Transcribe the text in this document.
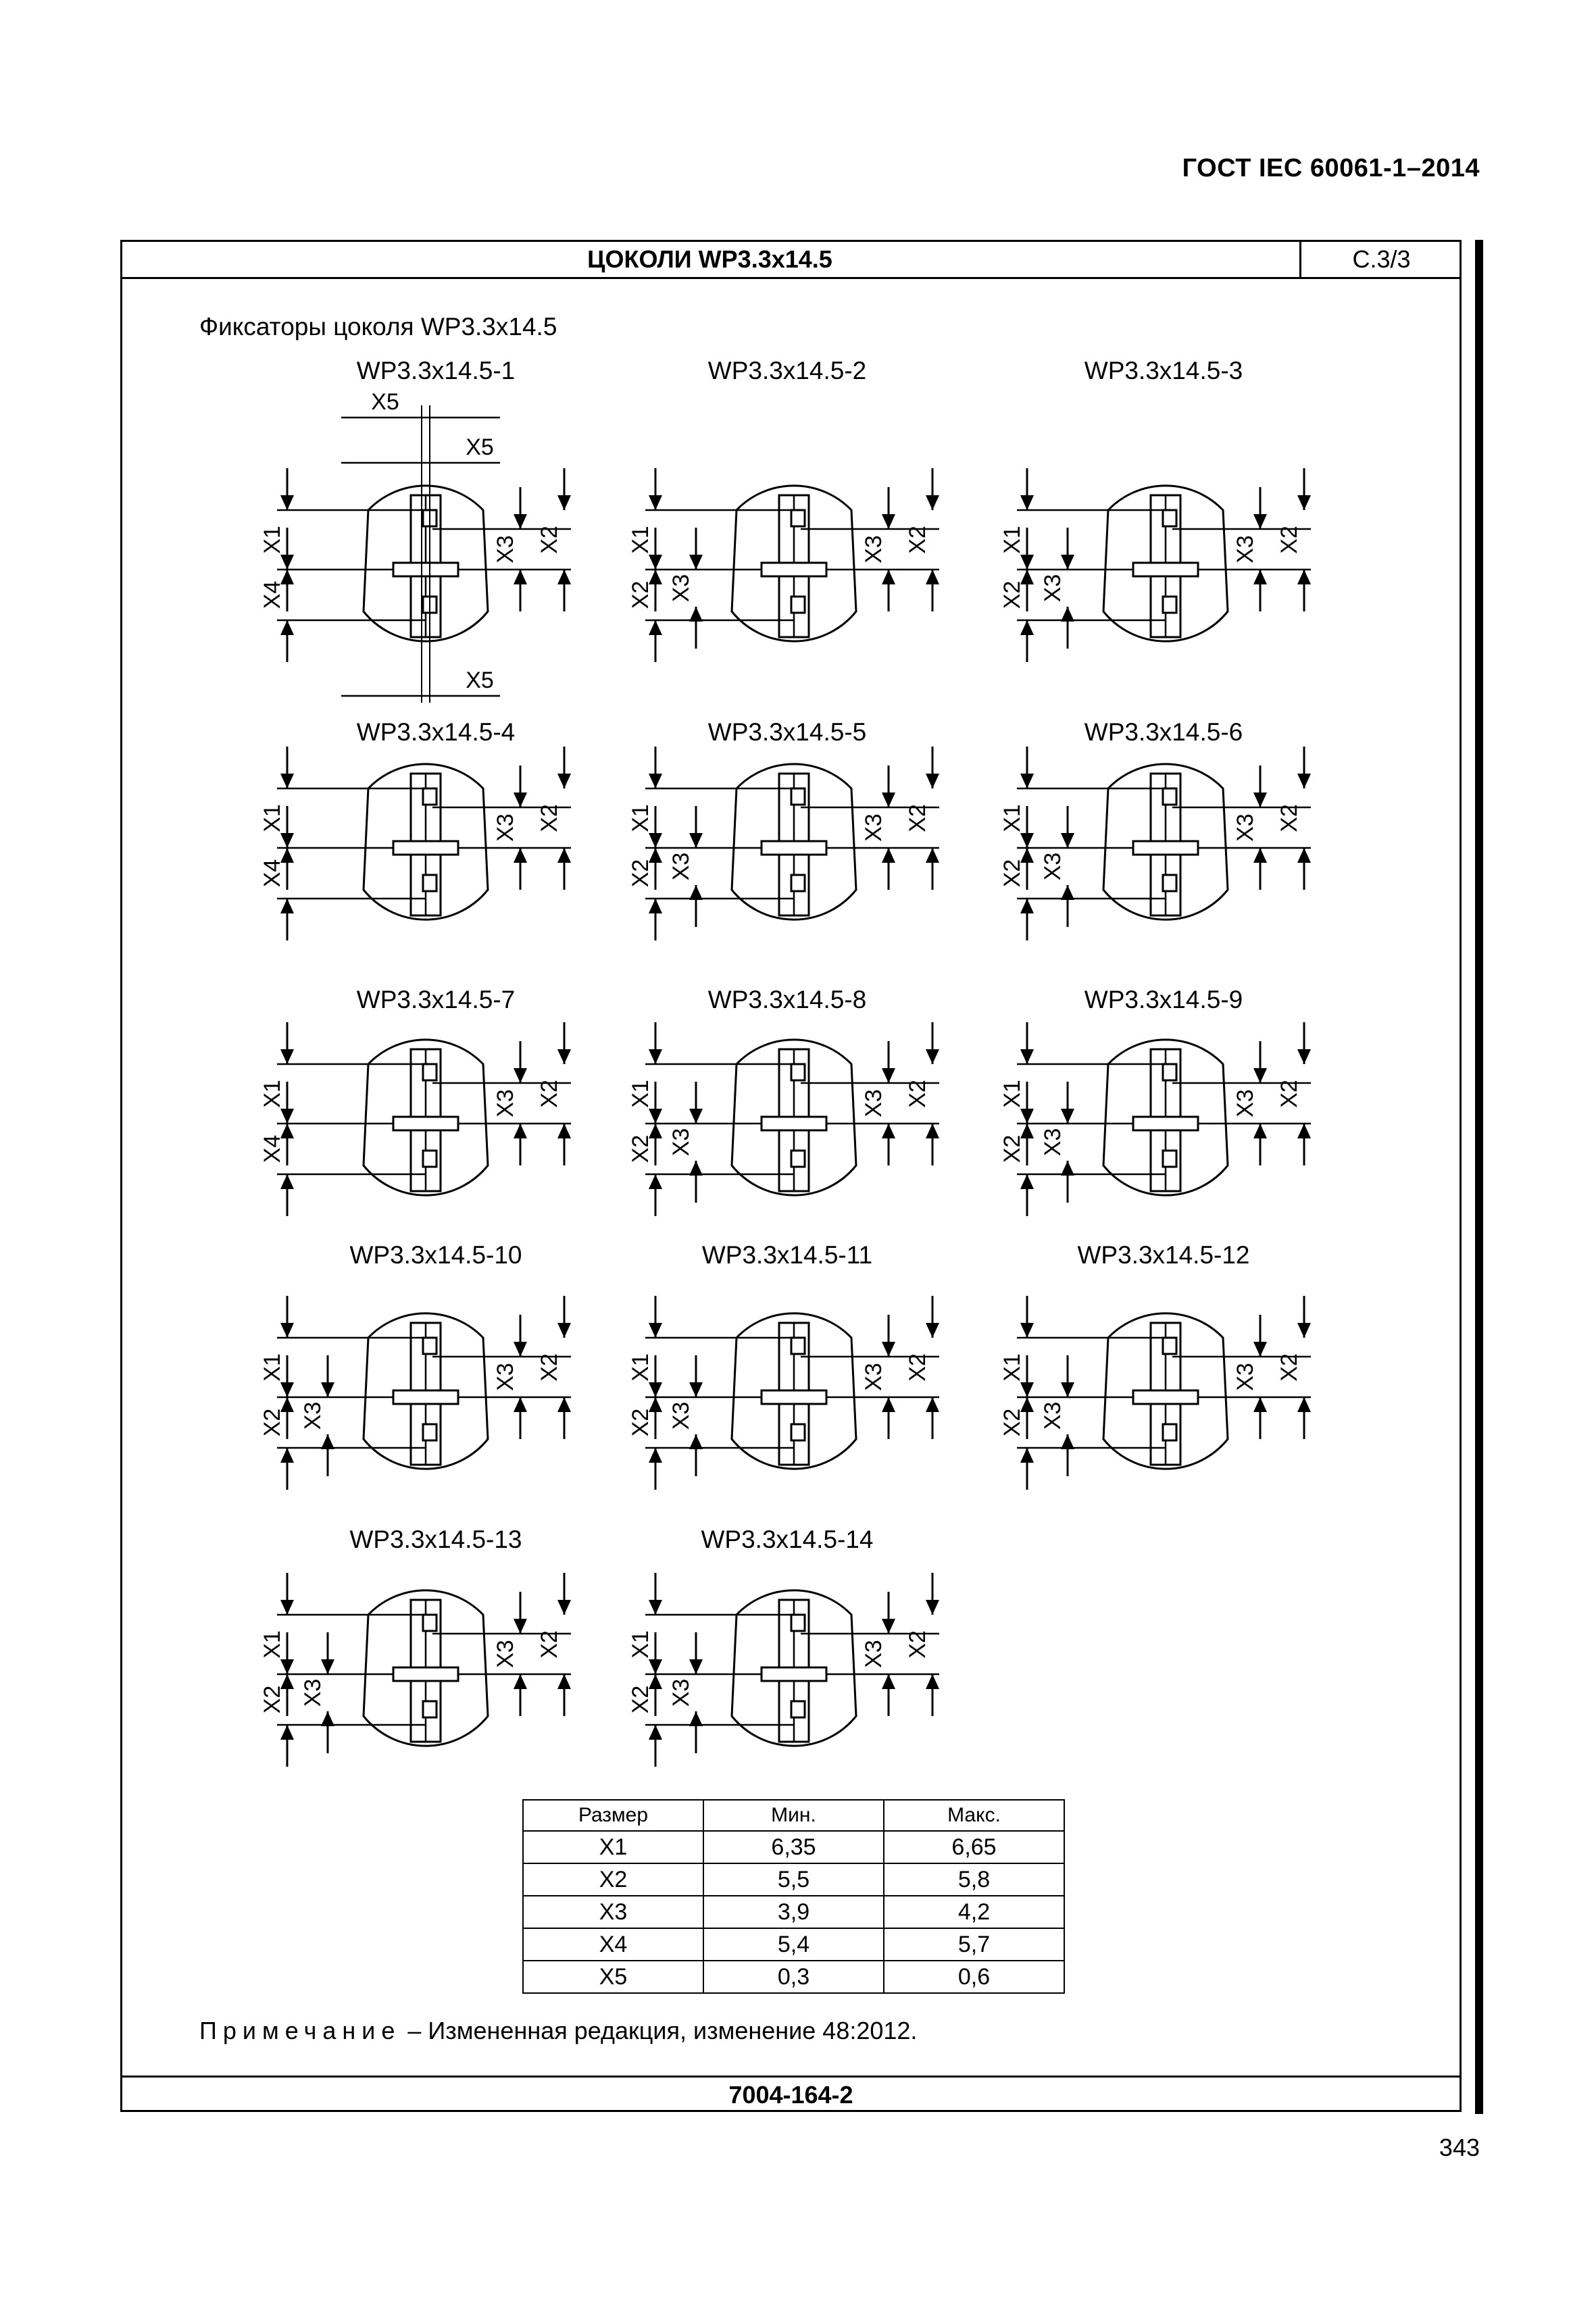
ГОСТ IEC 60061-1–2014
ЦОКОЛИ WP3.3x14.5	С.3/3
Фиксаторы цоколя WP3.3x14.5
WP3.3x14.5-1	WP3.3x14.5-2	WP3.3x14.5-3
WP3.3x14.5-4	WP3.3x14.5-5	WP3.3x14.5-6
WP3.3x14.5-7	WP3.3x14.5-8	WP3.3x14.5-9
WP3.3x14.5-10	WP3.3x14.5-11	WP3.3x14.5-12
WP3.3x14.5-13	WP3.3x14.5-14
X1
X4
X3 X2
X5
X5
X5
X1
X2 X3
X3 X2	X1
X2 X3
X3 X2
X1
X4
X3 X2	X1
X2 X3
X3 X2	X1
X2 X3
X3 X2
X1
X4
X3 X2	X1
X2 X3
X3 X2	X1
X2 X3
X3 X2
X1
X2 X3
X3 X2	X1
X2 X3
X3 X2	X1
X2 X3
X3 X2
X1
X2 X3
X3 X2	X1
X2 X3
X3 X2
Размер	Мин.	Макс.
X1	6,35	6,65
X2	5,5	5,8
X3	3,9	4,2
X4	5,4	5,7
X5	0,3	0,6
Примечание – Измененная редакция, изменение 48:2012.
7004-164-2
343
